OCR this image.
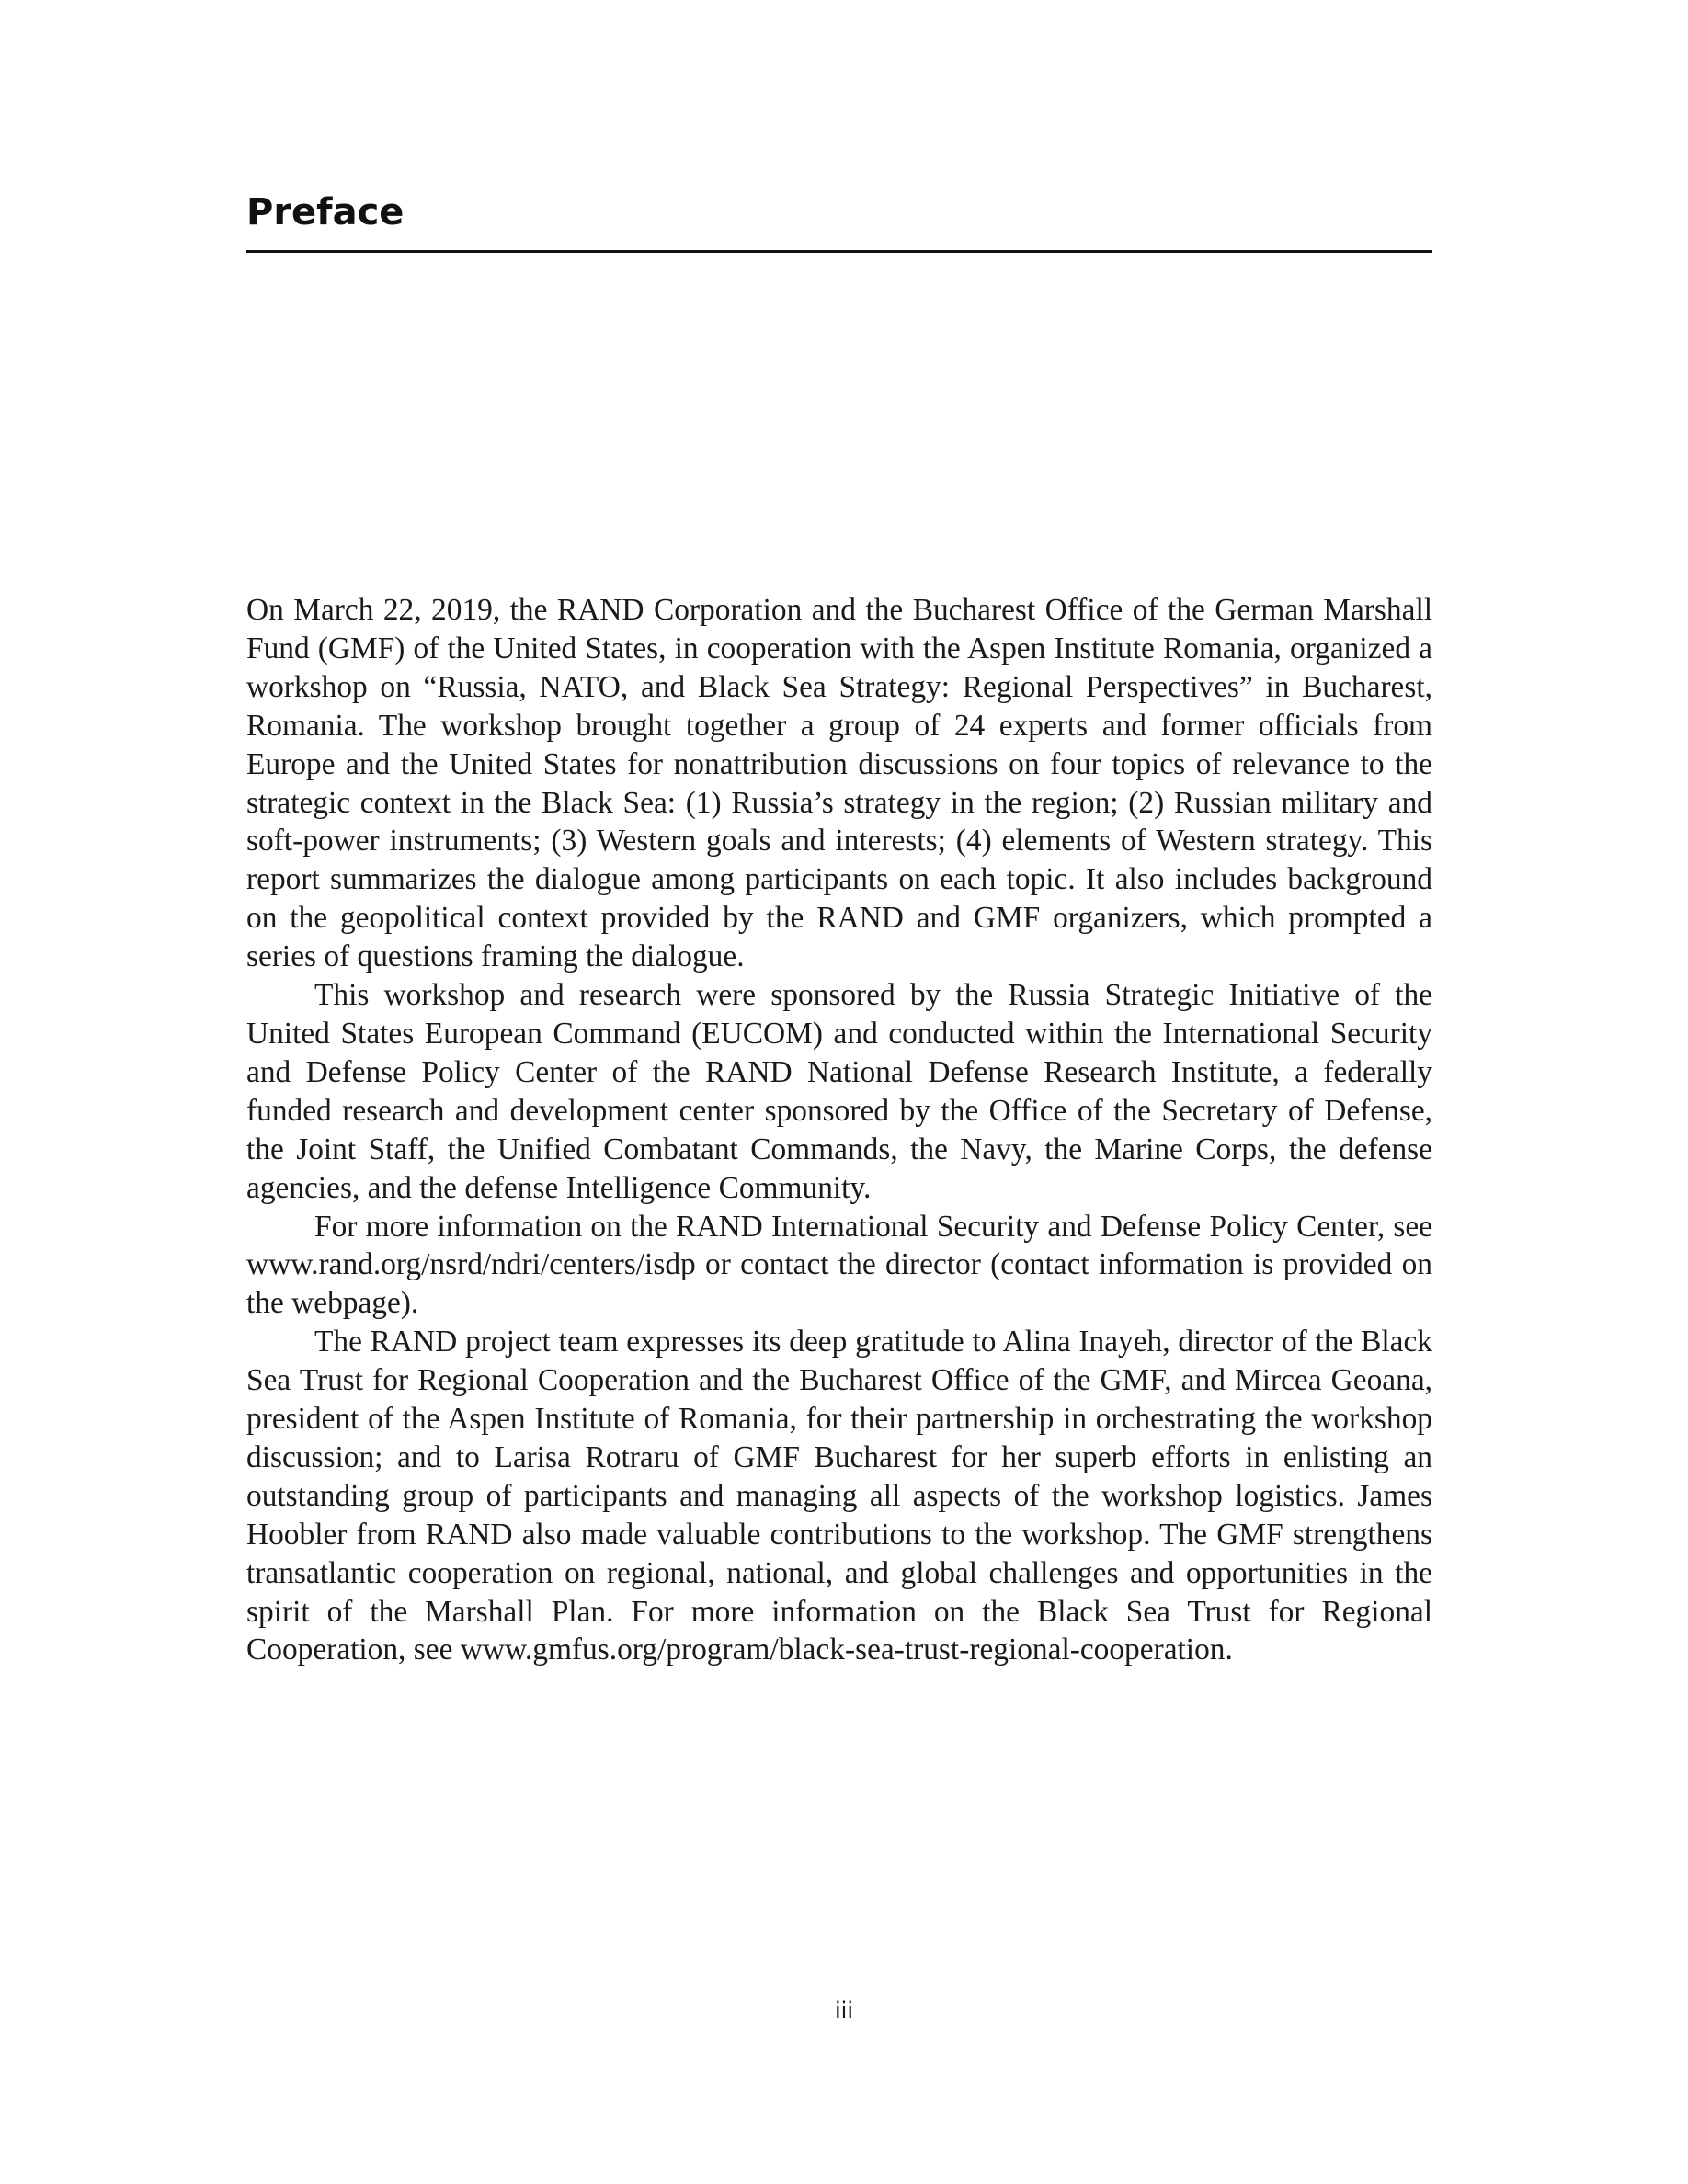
Preface

On March 22, 2019, the RAND Corporation and the Bucharest Office of the German Marshall Fund (GMF) of the United States, in cooperation with the Aspen Institute Romania, organized a workshop on “Russia, NATO, and Black Sea Strategy: Regional Perspectives” in Bucharest, Romania. The workshop brought together a group of 24 experts and former officials from Europe and the United States for nonattribution discussions on four topics of relevance to the strategic context in the Black Sea: (1) Russia’s strategy in the region; (2) Russian military and soft-power instruments; (3) Western goals and interests; (4) elements of Western strategy. This report summarizes the dialogue among participants on each topic. It also includes background on the geopolitical context provided by the RAND and GMF organizers, which prompted a series of questions framing the dialogue.

This workshop and research were sponsored by the Russia Strategic Initiative of the United States European Command (EUCOM) and conducted within the International Security and Defense Policy Center of the RAND National Defense Research Institute, a federally funded research and development center sponsored by the Office of the Secretary of Defense, the Joint Staff, the Unified Combatant Commands, the Navy, the Marine Corps, the defense agencies, and the defense Intelligence Community.

For more information on the RAND International Security and Defense Policy Center, see www.rand.org/nsrd/ndri/centers/isdp or contact the director (contact information is provided on the webpage).

The RAND project team expresses its deep gratitude to Alina Inayeh, director of the Black Sea Trust for Regional Cooperation and the Bucharest Office of the GMF, and Mircea Geoana, president of the Aspen Institute of Romania, for their partnership in orchestrating the workshop discussion; and to Larisa Rotraru of GMF Bucharest for her superb efforts in enlisting an outstanding group of participants and managing all aspects of the workshop logistics. James Hoobler from RAND also made valuable contributions to the workshop. The GMF strengthens transatlantic cooperation on regional, national, and global challenges and opportunities in the spirit of the Marshall Plan. For more information on the Black Sea Trust for Regional Cooperation, see www.gmfus.org/program/black-sea-trust-regional-cooperation.

iii
